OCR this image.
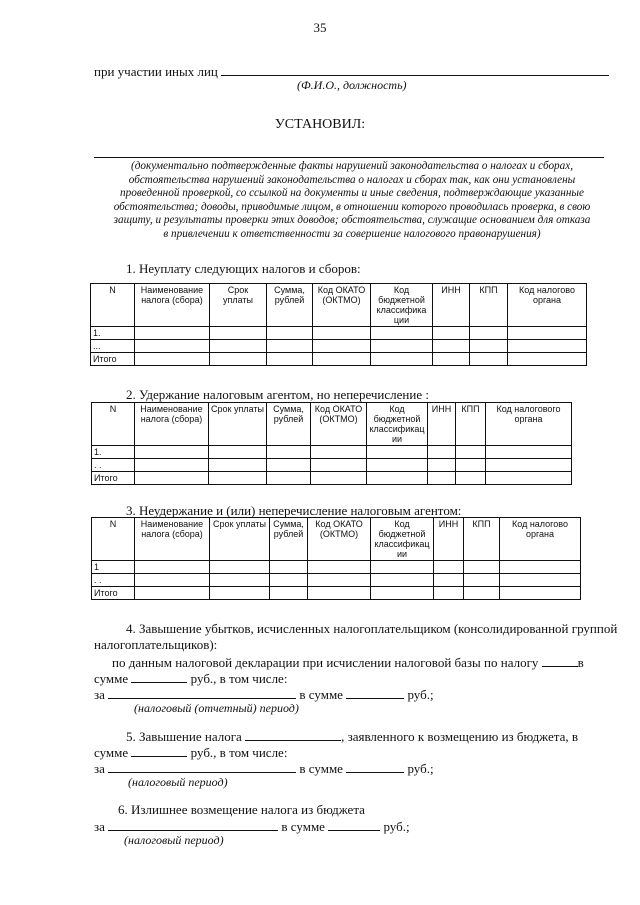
35
при участии иных лиц
(Ф.И.О., должность)
УСТАНОВИЛ:
(документально подтвержденные факты нарушений законодательства о налогах и сборах,
обстоятельства нарушений законодательства о налогах и сборах так, как они установлены
проведенной проверкой, со ссылкой на документы и иные сведения, подтверждающие указанные
обстоятельства; доводы, приводимые лицом, в отношении которого проводилась проверка, в свою
защиту, и результаты проверки этих доводов; обстоятельства, служащие основанием для отказа
в привлечении к ответственности за совершение налогового правонарушения)
1. Неуплату следующих налогов и сборов:
N	Наименование налога (сбора)	Срок уплаты	Сумма, рублей	Код ОКАТО (ОКТМО)	Код бюджетной классифика ции	ИНН	КПП	Код налогово органа
1.								
...								
Итого								
2. Удержание налоговым агентом, но неперечисление :
N	Наименование налога (сбора)	Срок уплаты	Сумма, рублей	Код ОКАТО (ОКТМО)	Код бюджетной классификац ии	ИНН	КПП	Код налогового органа
1.								
. .								
Итого								
3. Неудержание и (или) неперечисление налоговым агентом:
N	Наименование налога (сбора)	Срок уплаты	Сумма, рублей	Код ОКАТО (ОКТМО)	Код бюджетной классификац ии	ИНН	КПП	Код налогово органа
1								
. .								
Итого								
4. Завышение убытков, исчисленных налогоплательщиком (консолидированной группой
налогоплательщиков):
по данным налоговой декларации при исчислении налоговой базы по налогу	в
сумме	руб., в том числе:
за	в сумме	руб.;
(налоговый (отчетный) период)
5. Завышение налога	, заявленного к возмещению из бюджета, в
сумме	руб., в том числе:
за	в сумме	руб.;
(налоговый период)
6. Излишнее возмещение налога из бюджета
за	в сумме	руб.;
(налоговый период)
